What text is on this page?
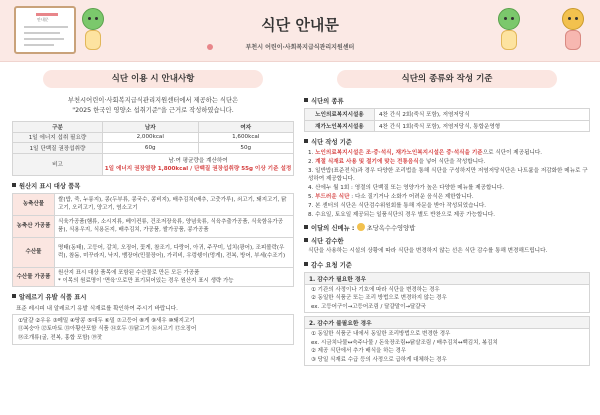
안내문	식단 안내문
부천시 어린이·사회복지급식관리지원센터
식단 이용 시 안내사항
부천시어린이·사회복지급식관리지원센터에서 제공하는 식단은
"2025 한국인 영양소 섭취기준"을 근거로 작성하였습니다.
구분	남자	여자
1일 에너지 섭취 필요량	2,000kcal	1,600kcal
1일 단백질 권장섭취량	60g	50g
비고	남·여 평균량을 계산하여
1일 에너지 권장열량 1,800kcal / 단백질 권장섭취량 55g 이상 기준 설정	
원산지 표시 대상 품목
농축산물	쌀(밥, 죽, 누룽지), 콩(두부류, 콩국수, 콩비지), 배추김치(배추, 고춧가루), 쇠고기, 돼지고기, 닭고기, 오리고기, 양고기, 염소고기
농축산 가공품	식육가공품(햄류, 소시지류, 베이컨류, 건조저장육류, 양념육류, 식육추출가공품, 식육함유가공품), 식용우지, 식용돈지, 배추김치, 가공품, 쌀가공품, 콩가공품
수산물	명태(동태), 고등어, 갈치, 오징어, 꽃게, 참조기, 다랑어, 아귀, 주꾸미, 넙치(광어), 조피볼락(우럭), 참돔, 미꾸라지, 낙지, 뱀장어(민물장어), 가리비, 우렁쉥이(멍게), 전복, 방어, 부세(수조기)
수산물 가공품	원산지 표시 대상 품목에 포함된 수산물로 만든 모든 가공품
* 이목의 원료명이 '면육'으로만 표기되어있는 경우 원산지 표시 생략 가능
알레르기 유발 식품 표시
표준 레시피 내 알레르기 유발 식재료를 확인하여 주시기 바랍니다.
①달걀 ②우유 ③메밀 ④땅콩 ⑤대두 ⑥밀 ⑦고등어 ⑧게 ⑨새우 ⑩돼지고기
⑪복숭아 ⑫토마토 ⑬아황산포함 식품 ⑭호두 ⑮닭고기 ⑯쇠고기 ⑰오징어
⑱조개류(굴, 전복, 홍합 포함) ⑲잣
식단의 종류와 작성 기준
식단의 종류
노인의료복지시설용	4찬 간식 2회(죽식 포함), 저염저당식
재가노인복지시설용	4찬 간식 1회(죽식 포함), 저염저당식, 통합운영형
식단 작성 기준
1. 노인의료복지시설은 조·중·석식, 재가노인복지시설은 중·석식을 기준으로 식단이 제공됩니다.
2. 계절 식재료 사용 및 절기에 맞는 전통음식을 넣어 식단을 작성합니다.
3. 일반밥(표준전식)과 경우 다양한 조리법을 통해 식단을 구성하지만 저염저당식단은 나트륨을 저감화한 메뉴로 구성하여 제공합니다.
4. 산에누 월 1회 : 영절의 단백질 또는 영양가가 높은 다양한 메뉴를 제공합니다.
5. 부드러운 식단 : 다소 질기거나 소화가 어려운 음식은 제한합니다.
7. 본 센터의 식단은 식단검수위원회를 통해 자문을 받아 작성되었습니다.
8. 수요일, 토요일 제공되는 일품식단의 경우 별도 반찬으로 제공 가능합니다.
이달의 신메뉴 : 초당옥수수영양밥
식단 감수한
식단을 사용하는 시설의 상황에 따라 식단을 변경하지 않는 선은 식단 감수를 통해 변경해드립니다.
감수 요청 기준
1. 감수가 필요한 경우
① 기관의 사정이나 기호에 따라 식단을 변경하는 경우
② 동일한 식품군 또는 조리 방법으로 변경하지 않는 경우
ex. 고등어구이→고등어조림 / 달걀말이→달걀국
2. 감수가 불필요한 경우
① 동일한 식품군 내에서 동일한 조리방법으로 변경한 경우
ex. 시금치나물↔숙주나물 / 돈육장조림↔닭살조림 / 배추김치↔백김치, 볶김치
② 제공 식단에서 추가 배식을 하는 경우
③ 당일 식재료 수급 등의 사정으로 급하게 대체하는 경우
